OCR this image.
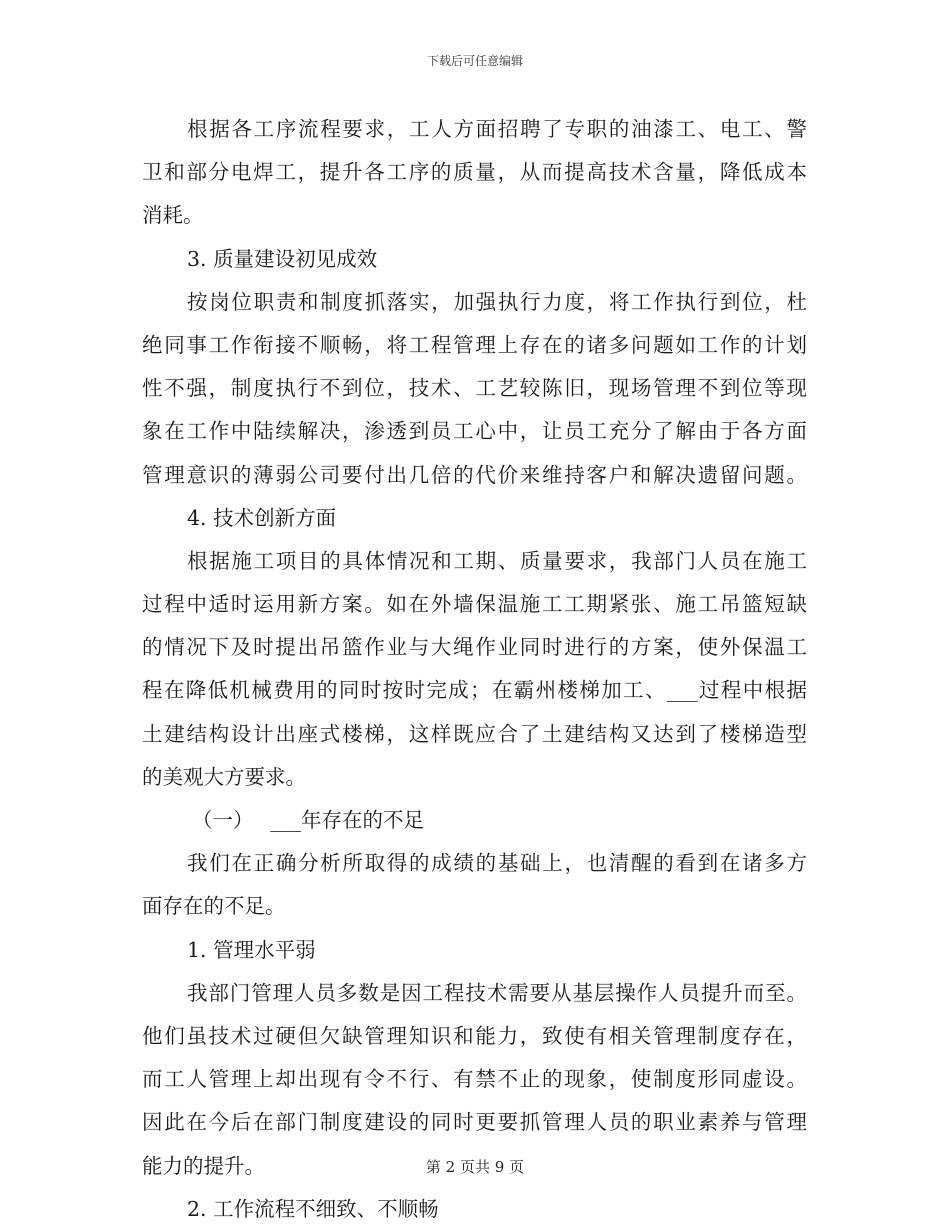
下载后可任意编辑
根据各工序流程要求，工人方面招聘了专职的油漆工、电工、警
卫和部分电焊工，提升各工序的质量，从而提高技术含量，降低成本
消耗。
3. 质量建设初见成效
按岗位职责和制度抓落实，加强执行力度，将工作执行到位，杜
绝同事工作衔接不顺畅，将工程管理上存在的诸多问题如工作的计划
性不强，制度执行不到位，技术、工艺较陈旧，现场管理不到位等现
象在工作中陆续解决，渗透到员工心中，让员工充分了解由于各方面
管理意识的薄弱公司要付出几倍的代价来维持客户和解决遗留问题。
4. 技术创新方面
根据施工项目的具体情况和工期、质量要求，我部门人员在施工
过程中适时运用新方案。如在外墙保温施工工期紧张、施工吊篮短缺
的情况下及时提出吊篮作业与大绳作业同时进行的方案，使外保温工
程在降低机械费用的同时按时完成；在霸州楼梯加工、___过程中根据
土建结构设计出座式楼梯，这样既应合了土建结构又达到了楼梯造型
的美观大方要求。
（一）　 ___年存在的不足
我们在正确分析所取得的成绩的基础上，也清醒的看到在诸多方
面存在的不足。
1. 管理水平弱
我部门管理人员多数是因工程技术需要从基层操作人员提升而至。
他们虽技术过硬但欠缺管理知识和能力，致使有相关管理制度存在，
而工人管理上却出现有令不行、有禁不止的现象，使制度形同虚设。
因此在今后在部门制度建设的同时更要抓管理人员的职业素养与管理
能力的提升。
2. 工作流程不细致、不顺畅
第 2 页共 9 页
